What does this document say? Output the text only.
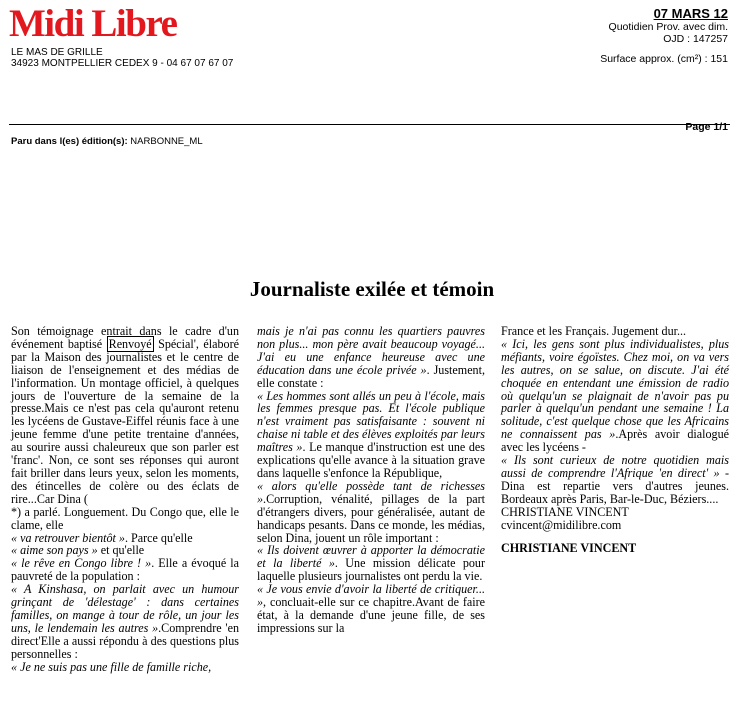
Midi Libre
LE MAS DE GRILLE
34923 MONTPELLIER CEDEX 9 - 04 67 07 67 07
07 MARS 12
Quotidien Prov. avec dim.
OJD : 147257
Surface approx. (cm²) : 151
Page 1/1
Paru dans l(es) édition(s): NARBONNE_ML
Journaliste exilée et témoin

Son témoignage entrait dans le cadre d'un événement baptisé Renvoyé Spécial', élaboré par la Maison des journalistes et le centre de liaison de l'enseignement et des médias de l'information. Un montage officiel, à quelques jours de l'ouverture de la semaine de la presse.Mais ce n'est pas cela qu'auront retenu les lycéens de Gustave-Eiffel réunis face à une jeune femme d'une petite trentaine d'années, au sourire aussi chaleureux que son parler est 'franc'. Non, ce sont ses réponses qui auront fait briller dans leurs yeux, selon les moments, des étincelles de colère ou des éclats de rire...Car Dina (

*) a parlé. Longuement. Du Congo que, elle le clame, elle

« va retrouver bientôt ». Parce qu'elle

« aime son pays » et qu'elle

« le rêve en Congo libre ! ». Elle a évoqué la pauvreté de la population :

« A Kinshasa, on parlait avec un humour grinçant de 'délestage' : dans certaines familles, on mange à tour de rôle, un jour les uns, le lendemain les autres ».Comprendre 'en direct'Elle a aussi répondu à des questions plus personnelles :

« Je ne suis pas une fille de famille riche,

mais je n'ai pas connu les quartiers pauvres non plus... mon père avait beaucoup voyagé... J'ai eu une enfance heureuse avec une éducation dans une école privée ». Justement, elle constate :

« Les hommes sont allés un peu à l'école, mais les femmes presque pas. Et l'école publique n'est vraiment pas satisfaisante : souvent ni chaise ni table et des élèves exploités par leurs maîtres ». Le manque d'instruction est une des explications qu'elle avance à la situation grave dans laquelle s'enfonce la République,

« alors qu'elle possède tant de richesses ».Corruption, vénalité, pillages de la part d'étrangers divers, pour généralisée, autant de handicaps pesants. Dans ce monde, les médias, selon Dina, jouent un rôle important :

« Ils doivent œuvrer à apporter la démocratie et la liberté ». Une mission délicate pour laquelle plusieurs journalistes ont perdu la vie.

« Je vous envie d'avoir la liberté de critiquer... », concluait-elle sur ce chapitre.Avant de faire état, à la demande d'une jeune fille, de ses impressions sur la

France et les Français. Jugement dur...

« Ici, les gens sont plus individualistes, plus méfiants, voire égoïstes. Chez moi, on va vers les autres, on se salue, on discute. J'ai été choquée en entendant une émission de radio où quelqu'un se plaignait de n'avoir pas pu parler à quelqu'un pendant une semaine ! La solitude, c'est quelque chose que les Africains ne connaissent pas ».Après avoir dialogué avec les lycéens -

« Ils sont curieux de notre quotidien mais aussi de comprendre l'Afrique 'en direct' » - Dina est repartie vers d'autres jeunes. Bordeaux après Paris, Bar-le-Duc, Béziers....

CHRISTIANE VINCENT

cvincent@midilibre.com

CHRISTIANE VINCENT
